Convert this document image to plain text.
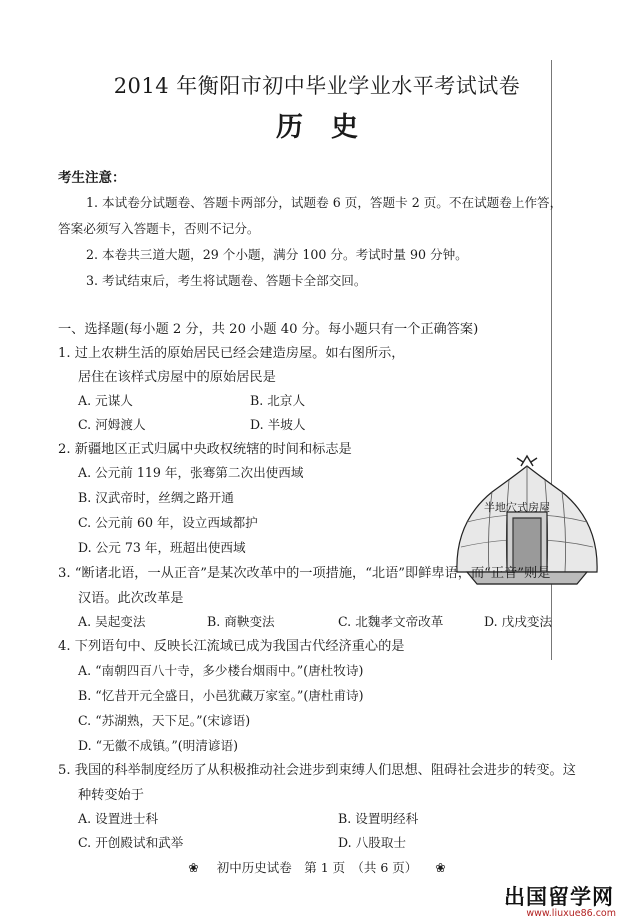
2014 年衡阳市初中毕业学业水平考试试卷
历史
考生注意：
1. 本试卷分试题卷、答题卡两部分，试题卷 6 页，答题卡 2 页。不在试题卷上作答，
答案必须写入答题卡，否则不记分。
2. 本卷共三道大题，29 个小题，满分 100 分。考试时量 90 分钟。
3. 考试结束后，考生将试题卷、答题卡全部交回。
一、选择题(每小题 2 分，共 20 小题 40 分。每小题只有一个正确答案)
1. 过上农耕生活的原始居民已经会建造房屋。如右图所示，
居住在该样式房屋中的原始居民是
A. 元谋人	B. 北京人
C. 河姆渡人	D. 半坡人
2. 新疆地区正式归属中央政权统辖的时间和标志是
A. 公元前 119 年，张骞第二次出使西域
B. 汉武帝时，丝绸之路开通
C. 公元前 60 年，设立西域都护
D. 公元 73 年，班超出使西域
半地穴式房屋
3. “断诸北语，一从正音”是某次改革中的一项措施，“北语”即鲜卑语，而“正音”则是
汉语。此次改革是
A. 吴起变法	B. 商鞅变法	C. 北魏孝文帝改革	D. 戊戌变法
4. 下列语句中、反映长江流域已成为我国古代经济重心的是
A. “南朝四百八十寺，多少楼台烟雨中。”(唐杜牧诗)
B. “忆昔开元全盛日，小邑犹藏万家室。”(唐杜甫诗)
C. “苏湖熟，天下足。”(宋谚语)
D. “无徽不成镇。”(明清谚语)
5. 我国的科举制度经历了从积极推动社会进步到束缚人们思想、阻碍社会进步的转变。这
种转变始于
A. 设置进士科	B. 设置明经科
C. 开创殿试和武举	D. 八股取士
❀ 初中历史试卷　第 1 页　（共 6 页） ❀
出国留学网
www.liuxue86.com
